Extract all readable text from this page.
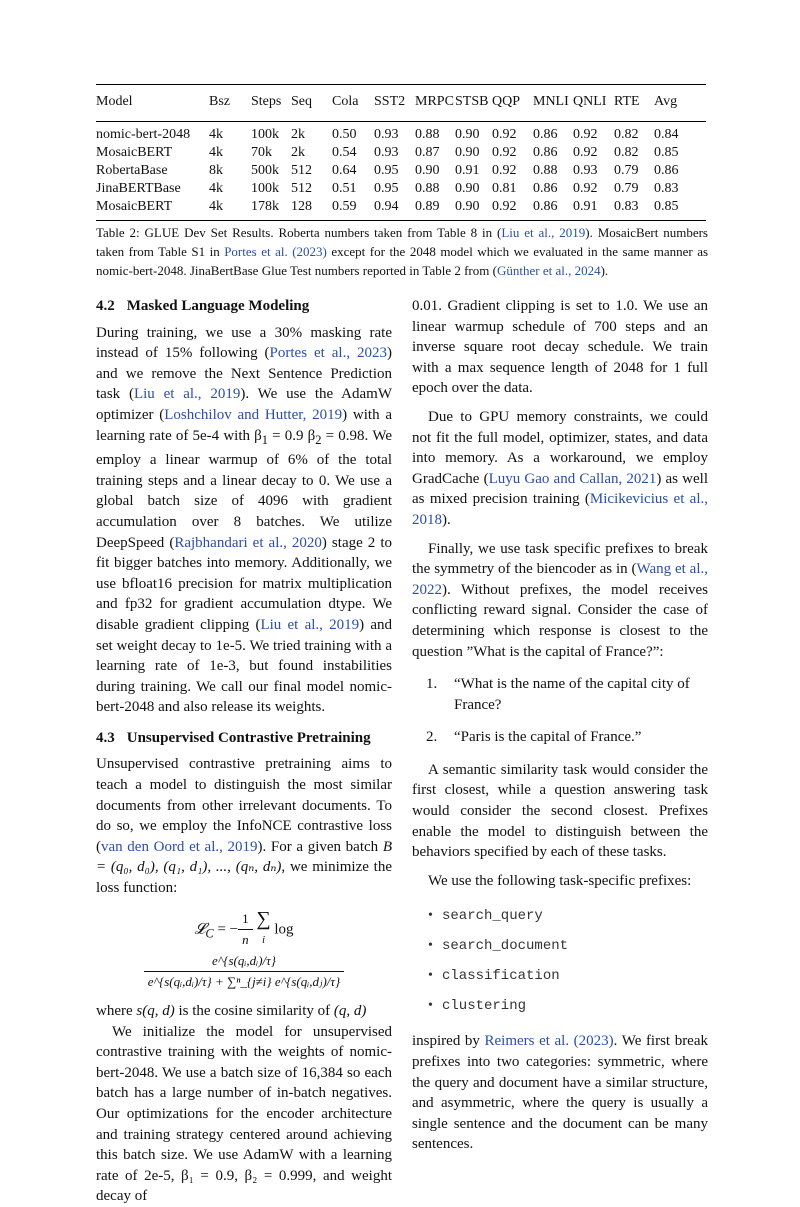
Model	Bsz	Steps	Seq	Cola	SST2	MRPC	STSB	QQP	MNLI	QNLI	RTE	Avg
nomic-bert-2048	4k	100k	2k	0.50	0.93	0.88	0.90	0.92	0.86	0.92	0.82	0.84
MosaicBERT	4k	70k	2k	0.54	0.93	0.87	0.90	0.92	0.86	0.92	0.82	0.85
RobertaBase	8k	500k	512	0.64	0.95	0.90	0.91	0.92	0.88	0.93	0.79	0.86
JinaBERTBase	4k	100k	512	0.51	0.95	0.88	0.90	0.81	0.86	0.92	0.79	0.83
MosaicBERT	4k	178k	128	0.59	0.94	0.89	0.90	0.92	0.86	0.91	0.83	0.85

Table 2: GLUE Dev Set Results. Roberta numbers taken from Table 8 in (Liu et al., 2019). MosaicBert numbers taken from Table S1 in Portes et al. (2023) except for the 2048 model which we evaluated in the same manner as nomic-bert-2048. JinaBertBase Glue Test numbers reported in Table 2 from (Günther et al., 2024).

4.2 Masked Language Modeling

During training, we use a 30% masking rate instead of 15% following (Portes et al., 2023) and we remove the Next Sentence Prediction task (Liu et al., 2019). We use the AdamW optimizer (Loshchilov and Hutter, 2019) with a learning rate of 5e-4 with $\beta_1 = 0.9$ $\beta_2 = 0.98$. We employ a linear warmup of 6% of the total training steps and a linear decay to 0. We use a global batch size of 4096 with gradient accumulation over 8 batches. We utilize DeepSpeed (Rajbhandari et al., 2020) stage 2 to fit bigger batches into memory. Additionally, we use bfloat16 precision for matrix multiplication and fp32 for gradient accumulation dtype. We disable gradient clipping (Liu et al., 2019) and set weight decay to 1e-5. We tried training with a learning rate of 1e-3, but found instabilities during training. We call our final model nomic-bert-2048 and also release its weights.

4.3 Unsupervised Contrastive Pretraining

Unsupervised contrastive pretraining aims to teach a model to distinguish the most similar documents from other irrelevant documents. To do so, we employ the InfoNCE contrastive loss (van den Oord et al., 2019). For a given batch B = (q₀, d₀), (q₁, d₁), ..., (qₙ, dₙ), we minimize the loss function:

𝓛$_C$ = − $\frac{1}{n}$
∑
i
log
$\frac{\text{e\textasciicircum{}\{s(qᵢ,dᵢ)/τ\}}}{\text{e\textasciicircum{}\{s(qᵢ,dᵢ)/τ\} + ∑ⁿ\_\{j≠i\} e\textasciicircum{}\{s(qᵢ,dⱼ)/τ\}}}$

where s(q, d) is the cosine similarity of (q, d)

We initialize the model for unsupervised contrastive training with the weights of nomic-bert-2048. We use a batch size of 16,384 so each batch has a large number of in-batch negatives. Our optimizations for the encoder architecture and training strategy centered around achieving this batch size. We use AdamW with a learning rate of 2e-5, β₁ = 0.9, β₂ = 0.999, and weight decay of

0.01. Gradient clipping is set to 1.0. We use an linear warmup schedule of 700 steps and an inverse square root decay schedule. We train with a max sequence length of 2048 for 1 full epoch over the data.

Due to GPU memory constraints, we could not fit the full model, optimizer, states, and data into memory. As a workaround, we employ GradCache (Luyu Gao and Callan, 2021) as well as mixed precision training (Micikevicius et al., 2018).

Finally, we use task specific prefixes to break the symmetry of the biencoder as in (Wang et al., 2022). Without prefixes, the model receives conflicting reward signal. Consider the case of determining which response is closest to the question ”What is the capital of France?”:

1. “What is the name of the capital city of France?
2. “Paris is the capital of France.”

A semantic similarity task would consider the first closest, while a question answering task would consider the second closest. Prefixes enable the model to distinguish between the behaviors specified by each of these tasks.

We use the following task-specific prefixes:

• search_query
• search_document
• classification
• clustering

inspired by Reimers et al. (2023). We first break prefixes into two categories: symmetric, where the query and document have a similar structure, and asymmetric, where the query is usually a single sentence and the document can be many sentences.
